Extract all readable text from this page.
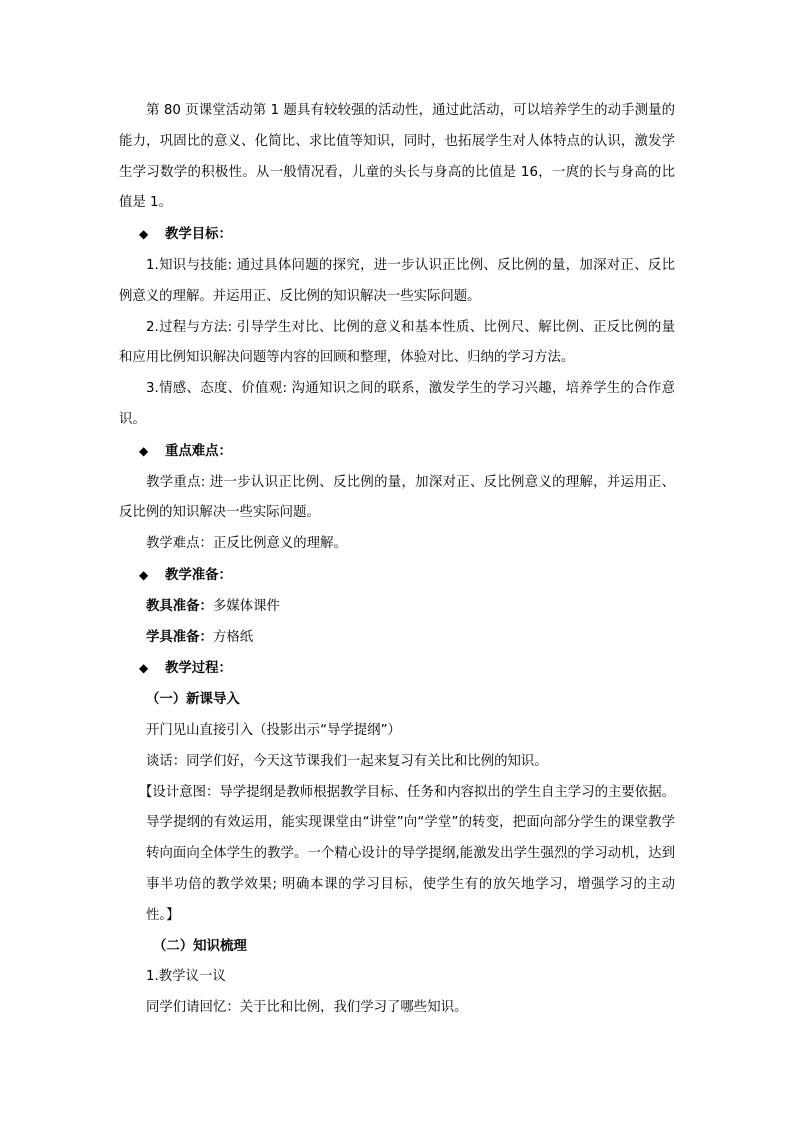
第 80 页课堂活动第 1 题具有较较强的活动性，通过此活动，可以培养学生的动手测量的能力，巩固比的意义、化简比、求比值等知识，同时，也拓展学生对人体特点的认识，激发学生学习数学的积极性。从一般情况看，儿童的头长与身高的比值是 16，一庹的长与身高的比值是 1。

◆ 教学目标：

1.知识与技能: 通过具体问题的探究，进一步认识正比例、反比例的量，加深对正、反比例意义的理解。并运用正、反比例的知识解决一些实际问题。

2.过程与方法: 引导学生对比、比例的意义和基本性质、比例尺、解比例、正反比例的量和应用比例知识解决问题等内容的回顾和整理，体验对比、归纳的学习方法。

3.情感、态度、价值观: 沟通知识之间的联系，激发学生的学习兴趣，培养学生的合作意识。

◆ 重点难点：

教学重点: 进一步认识正比例、反比例的量，加深对正、反比例意义的理解，并运用正、反比例的知识解决一些实际问题。

教学难点：正反比例意义的理解。

◆ 教学准备：

教具准备：多媒体课件

学具准备：方格纸

◆ 教学过程：

（一）新课导入

开门见山直接引入（投影出示“导学提纲”）

谈话：同学们好，今天这节课我们一起来复习有关比和比例的知识。

【设计意图：导学提纲是教师根据教学目标、任务和内容拟出的学生自主学习的主要依据。导学提纲的有效运用，能实现课堂由“讲堂”向“学堂”的转变，把面向部分学生的课堂教学转向面向全体学生的教学。一个精心设计的导学提纲,能激发出学生强烈的学习动机，达到事半功倍的教学效果; 明确本课的学习目标，使学生有的放矢地学习，增强学习的主动性。】

（二）知识梳理

1.教学议一议

同学们请回忆：关于比和比例，我们学习了哪些知识。
